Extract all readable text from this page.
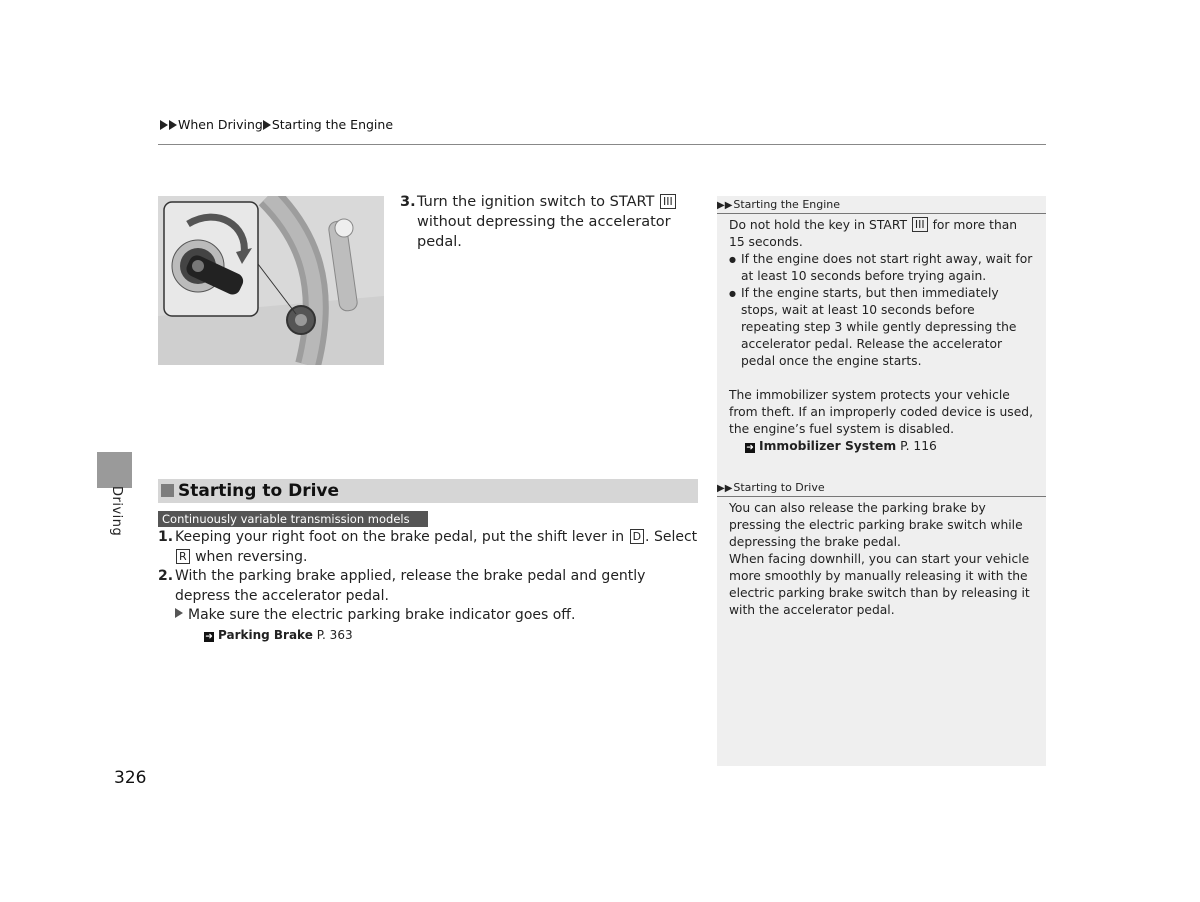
When Driving Starting the Engine
Driving
3. Turn the ignition switch to START III without depressing the accelerator pedal.
Starting to Drive
Continuously variable transmission models
1. Keeping your right foot on the brake pedal, put the shift lever in D . Select R when reversing.
2. With the parking brake applied, release the brake pedal and gently depress the accelerator pedal.
Make sure the electric parking brake indicator goes off.
➜ Parking Brake P. 363
▶▶Starting the Engine
Do not hold the key in START III for more than 15 seconds.
● If the engine does not start right away, wait for at least 10 seconds before trying again.
● If the engine starts, but then immediately stops, wait at least 10 seconds before repeating step 3 while gently depressing the accelerator pedal. Release the accelerator pedal once the engine starts.
The immobilizer system protects your vehicle from theft. If an improperly coded device is used, the engine’s fuel system is disabled.
➜ Immobilizer System P. 116
▶▶Starting to Drive
You can also release the parking brake by pressing the electric parking brake switch while depressing the brake pedal.
When facing downhill, you can start your vehicle more smoothly by manually releasing it with the electric parking brake switch than by releasing it with the accelerator pedal.
326
